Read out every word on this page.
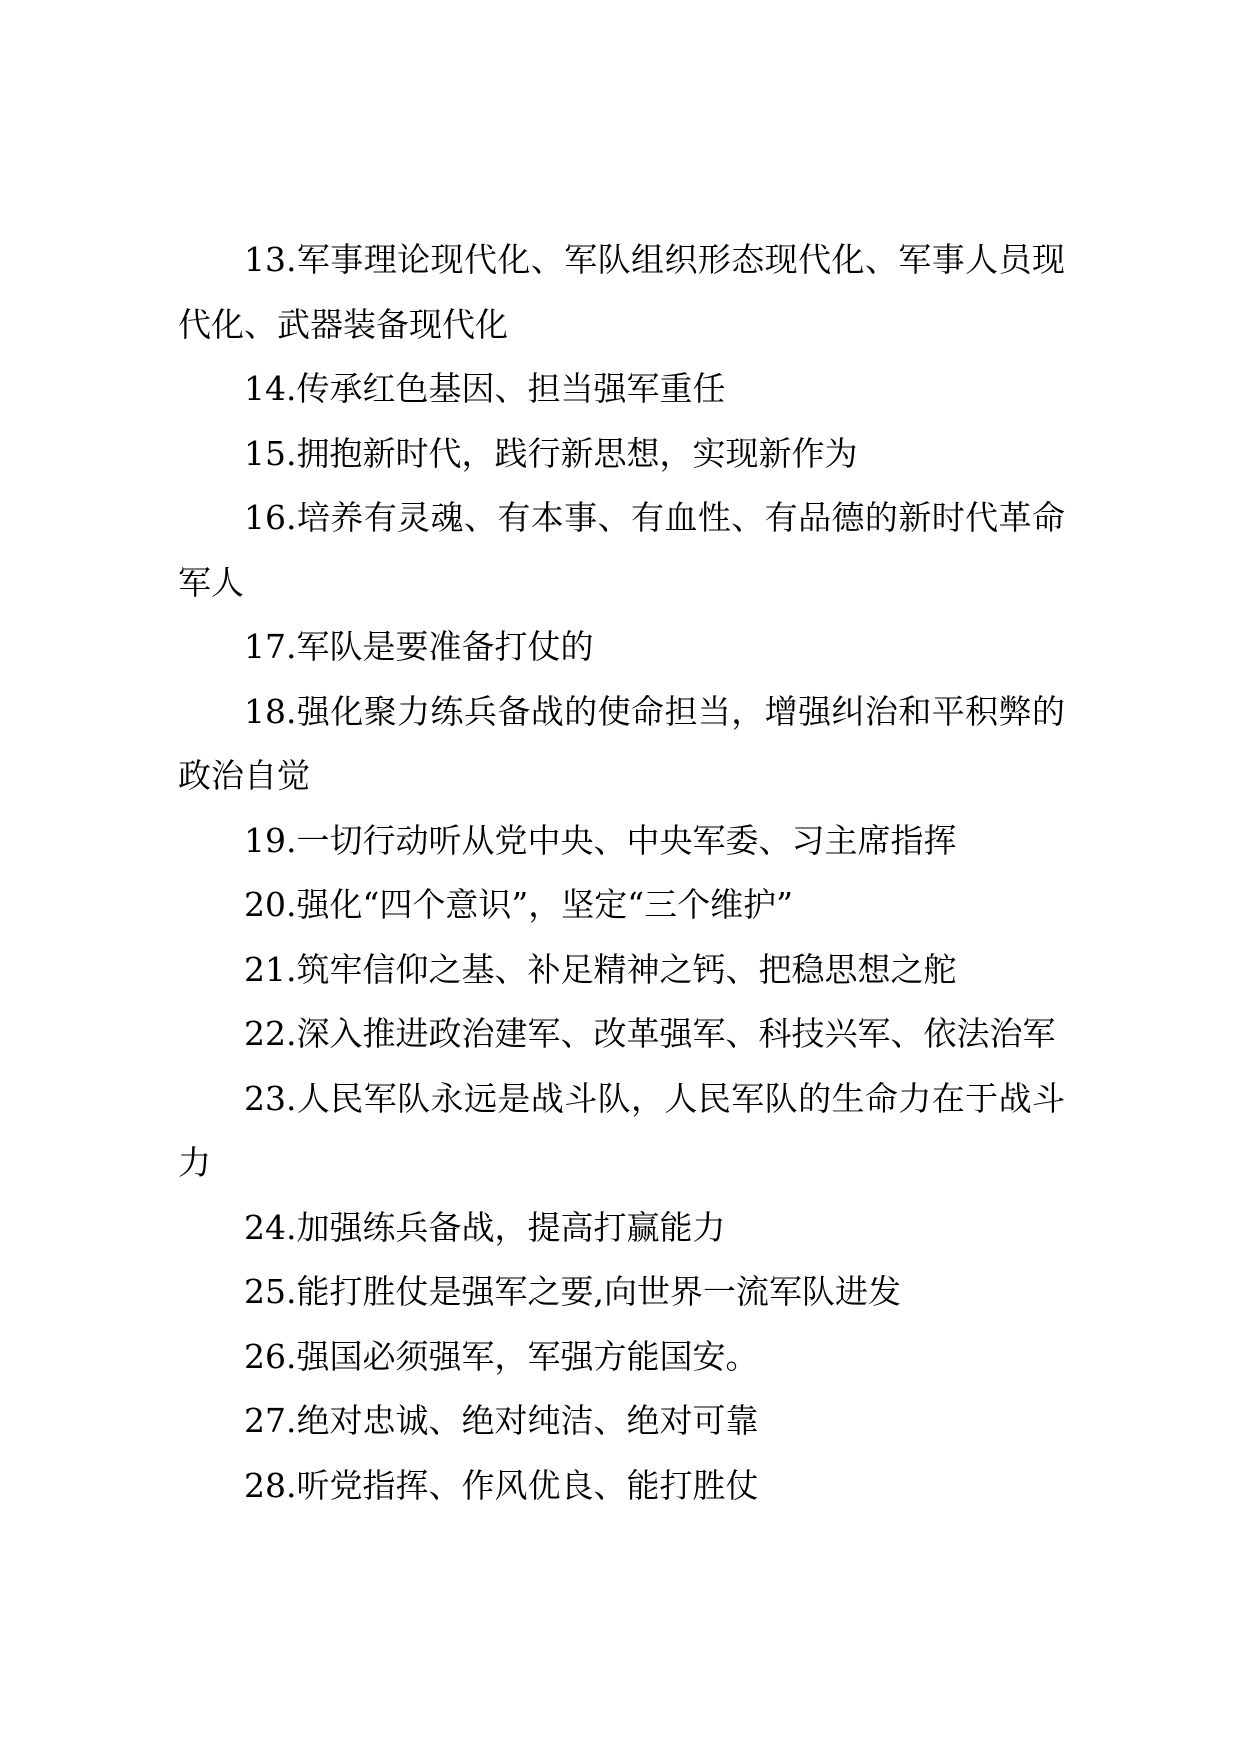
13.军事理论现代化、军队组织形态现代化、军事人员现代化、武器装备现代化

14.传承红色基因、担当强军重任

15.拥抱新时代，践行新思想，实现新作为

16.培养有灵魂、有本事、有血性、有品德的新时代革命军人

17.军队是要准备打仗的

18.强化聚力练兵备战的使命担当，增强纠治和平积弊的政治自觉

19.一切行动听从党中央、中央军委、习主席指挥

20.强化“四个意识”，坚定“三个维护”

21.筑牢信仰之基、补足精神之钙、把稳思想之舵

22.深入推进政治建军、改革强军、科技兴军、依法治军

23.人民军队永远是战斗队，人民军队的生命力在于战斗力

24.加强练兵备战，提高打赢能力

25.能打胜仗是强军之要,向世界一流军队进发

26.强国必须强军，军强方能国安。

27.绝对忠诚、绝对纯洁、绝对可靠

28.听党指挥、作风优良、能打胜仗
